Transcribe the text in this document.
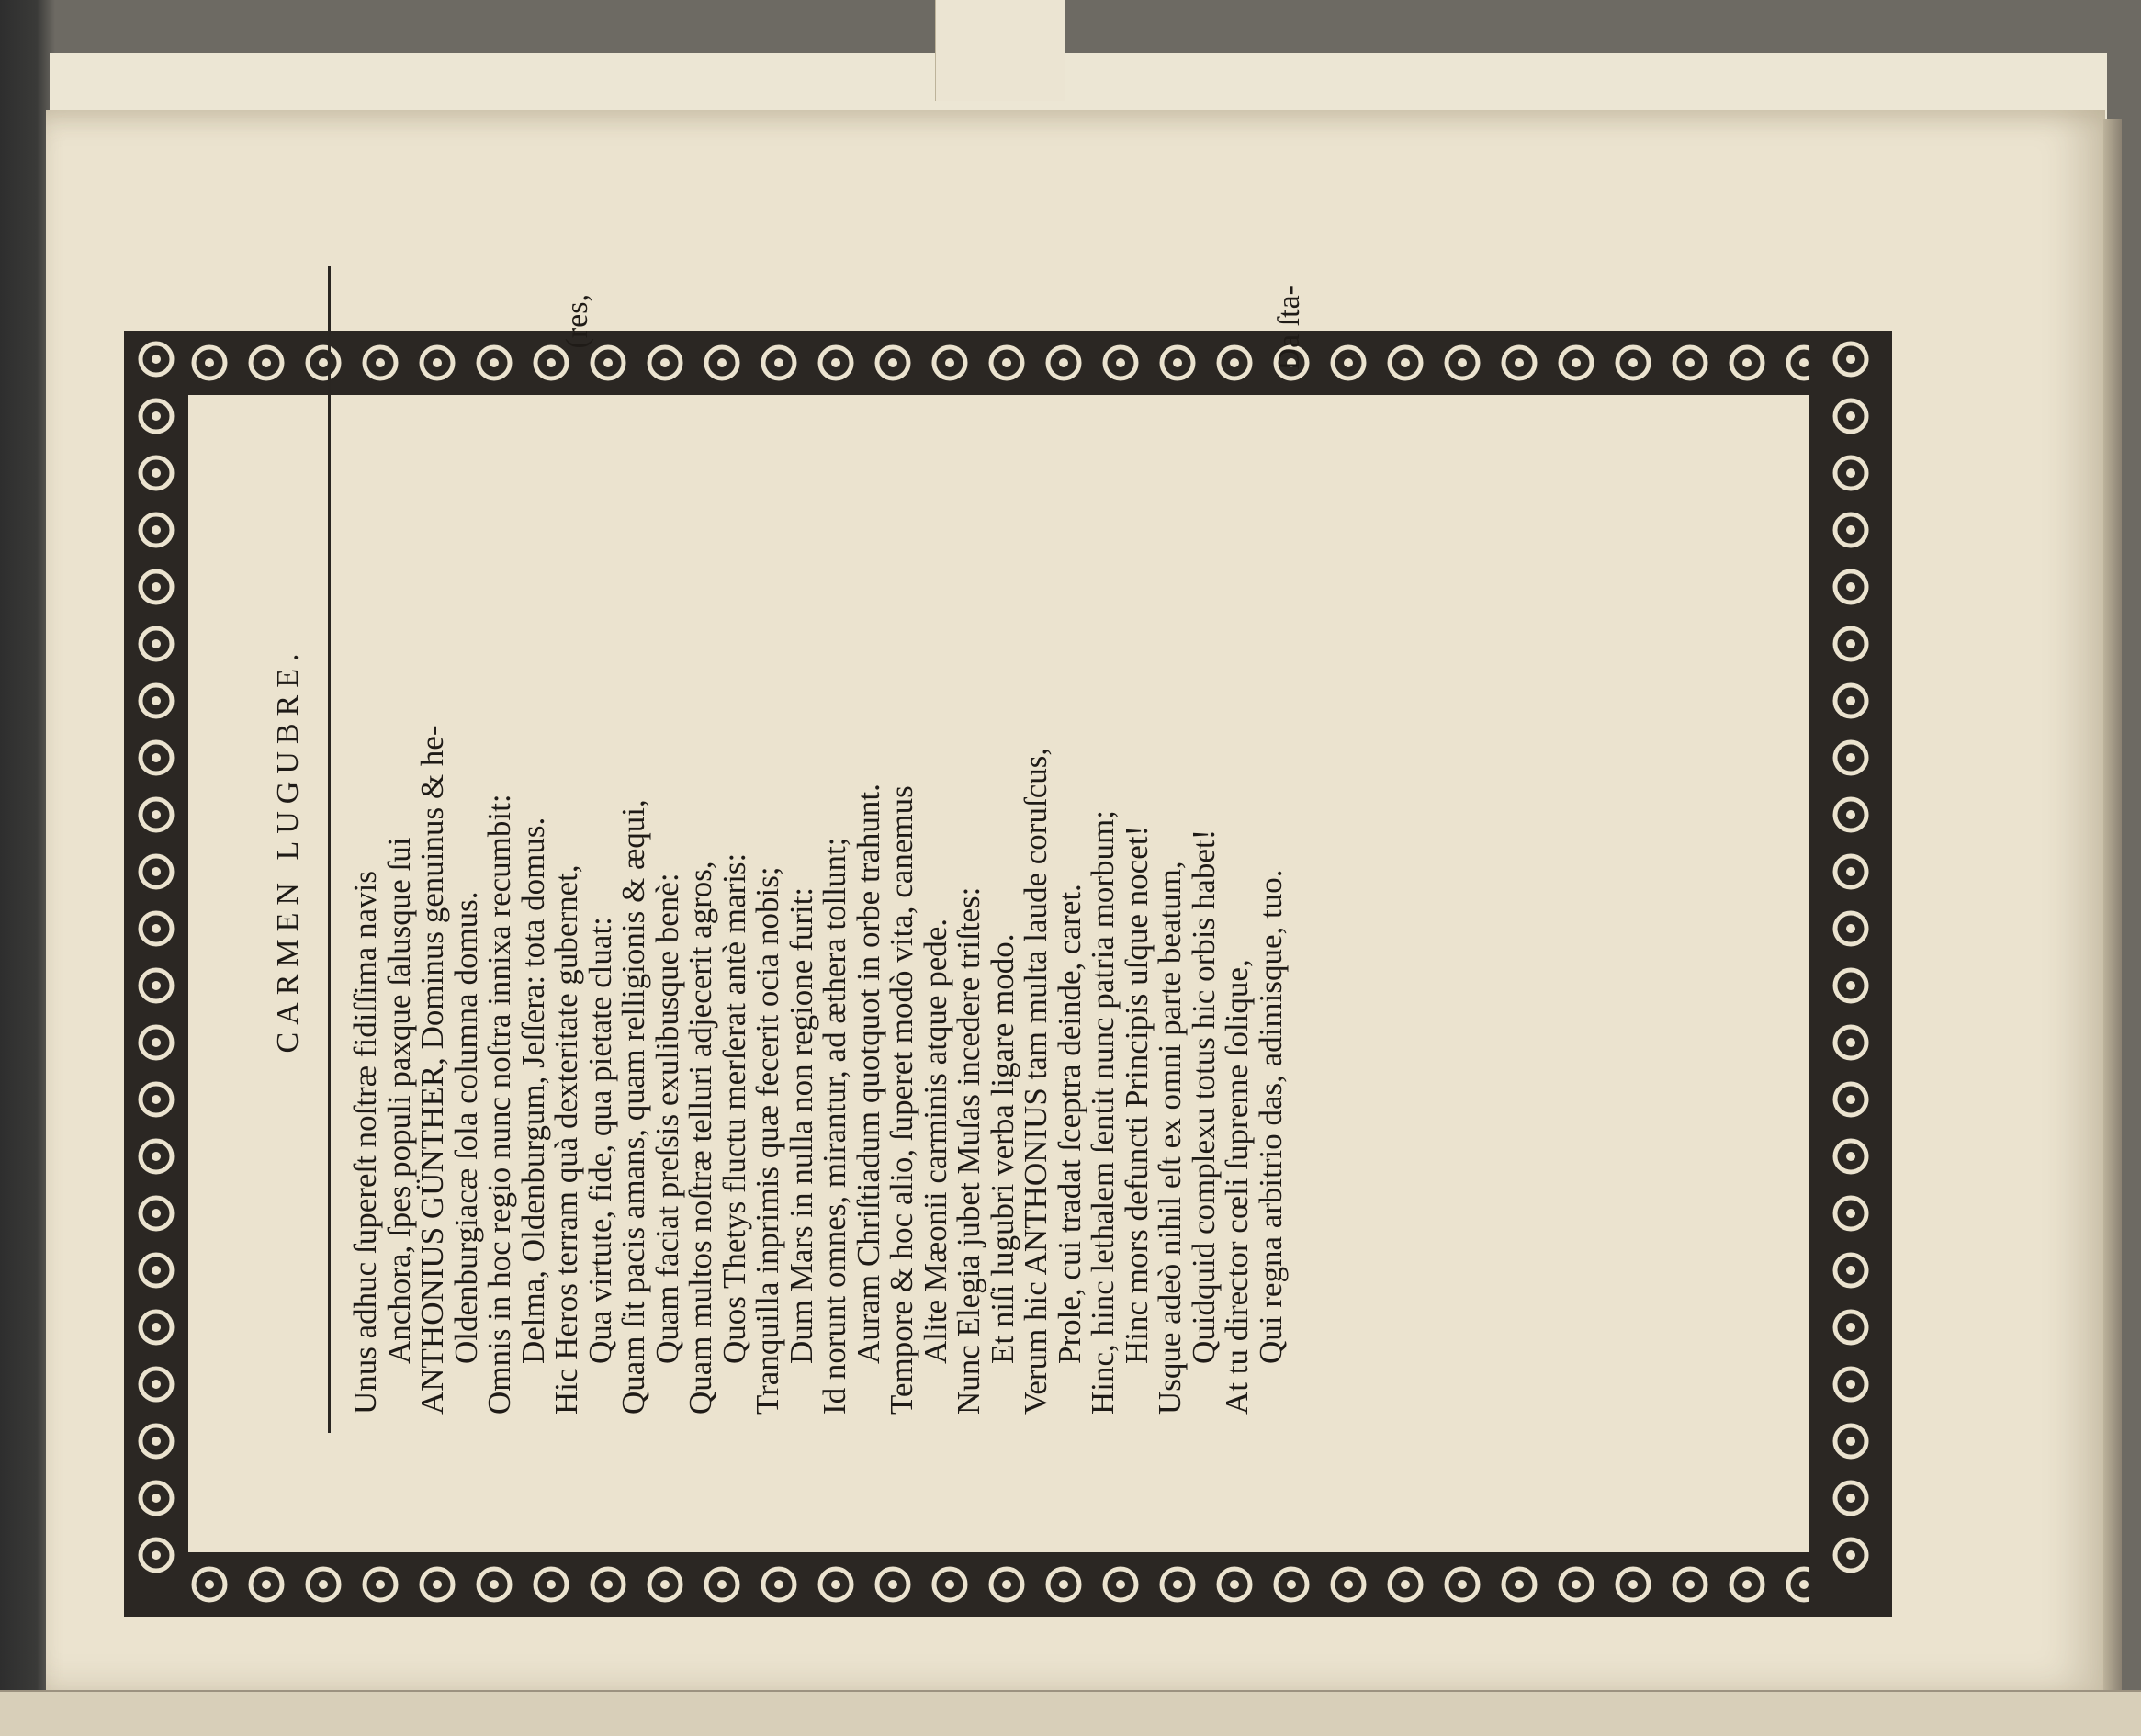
CARMEN LUGUBRE.
Unus adhuc ſupereſt noſtræ fidiſſima navis
Anchora, ſpes populi paxque ſalusque ſui
ANTHONIUS GÜNTHER, Dominus genuinus & he-
Oldenburgiacæ ſola columna domus.
Omnis in hoc regio nunc noſtra innixa recumbit:
Delma, Oldenburgum, Jeſſera: tota domus.
Hic Heros terram quà dexteritate gubernet,
Qua virtute, fide, qua pietate cluat:
Quam ſit pacis amans, quam relligionis & æqui,
Quam faciat preſsis exulibusque benè:
Quam multos noſtræ telluri adjecerit agros,
Quos Thetys fluctu merſerat antè maris:
Tranquilla inprimis quæ fecerit ocia nobis;
Dum Mars in nulla non regione furit:
Id norunt omnes, mirantur, ad æthera tollunt;
Auram Chriſtiadum quotquot in orbe trahunt.
Tempore & hoc alio, ſuperet modò vita, canemus
Alite Mæonii carminis atque pede.
Nunc Elegia jubet Muſas incedere triſtes:
Et niſi lugubri verba ligare modo.
Verum hic ANTHONIUS tam multa laude coruſcus,
Prole, cui tradat ſceptra deinde, caret.
Hinc, hinc lethalem ſentit nunc patria morbum;
Hinc mors defuncti Principis uſque nocet!
Usque adeò nihil eſt ex omni parte beatum,
Quidquid complexu totus hic orbis habet!
At tu director cœli ſupreme ſolique,
Qui regna arbitrio das, adimisque, tuo.
(res,	Da ſta-
